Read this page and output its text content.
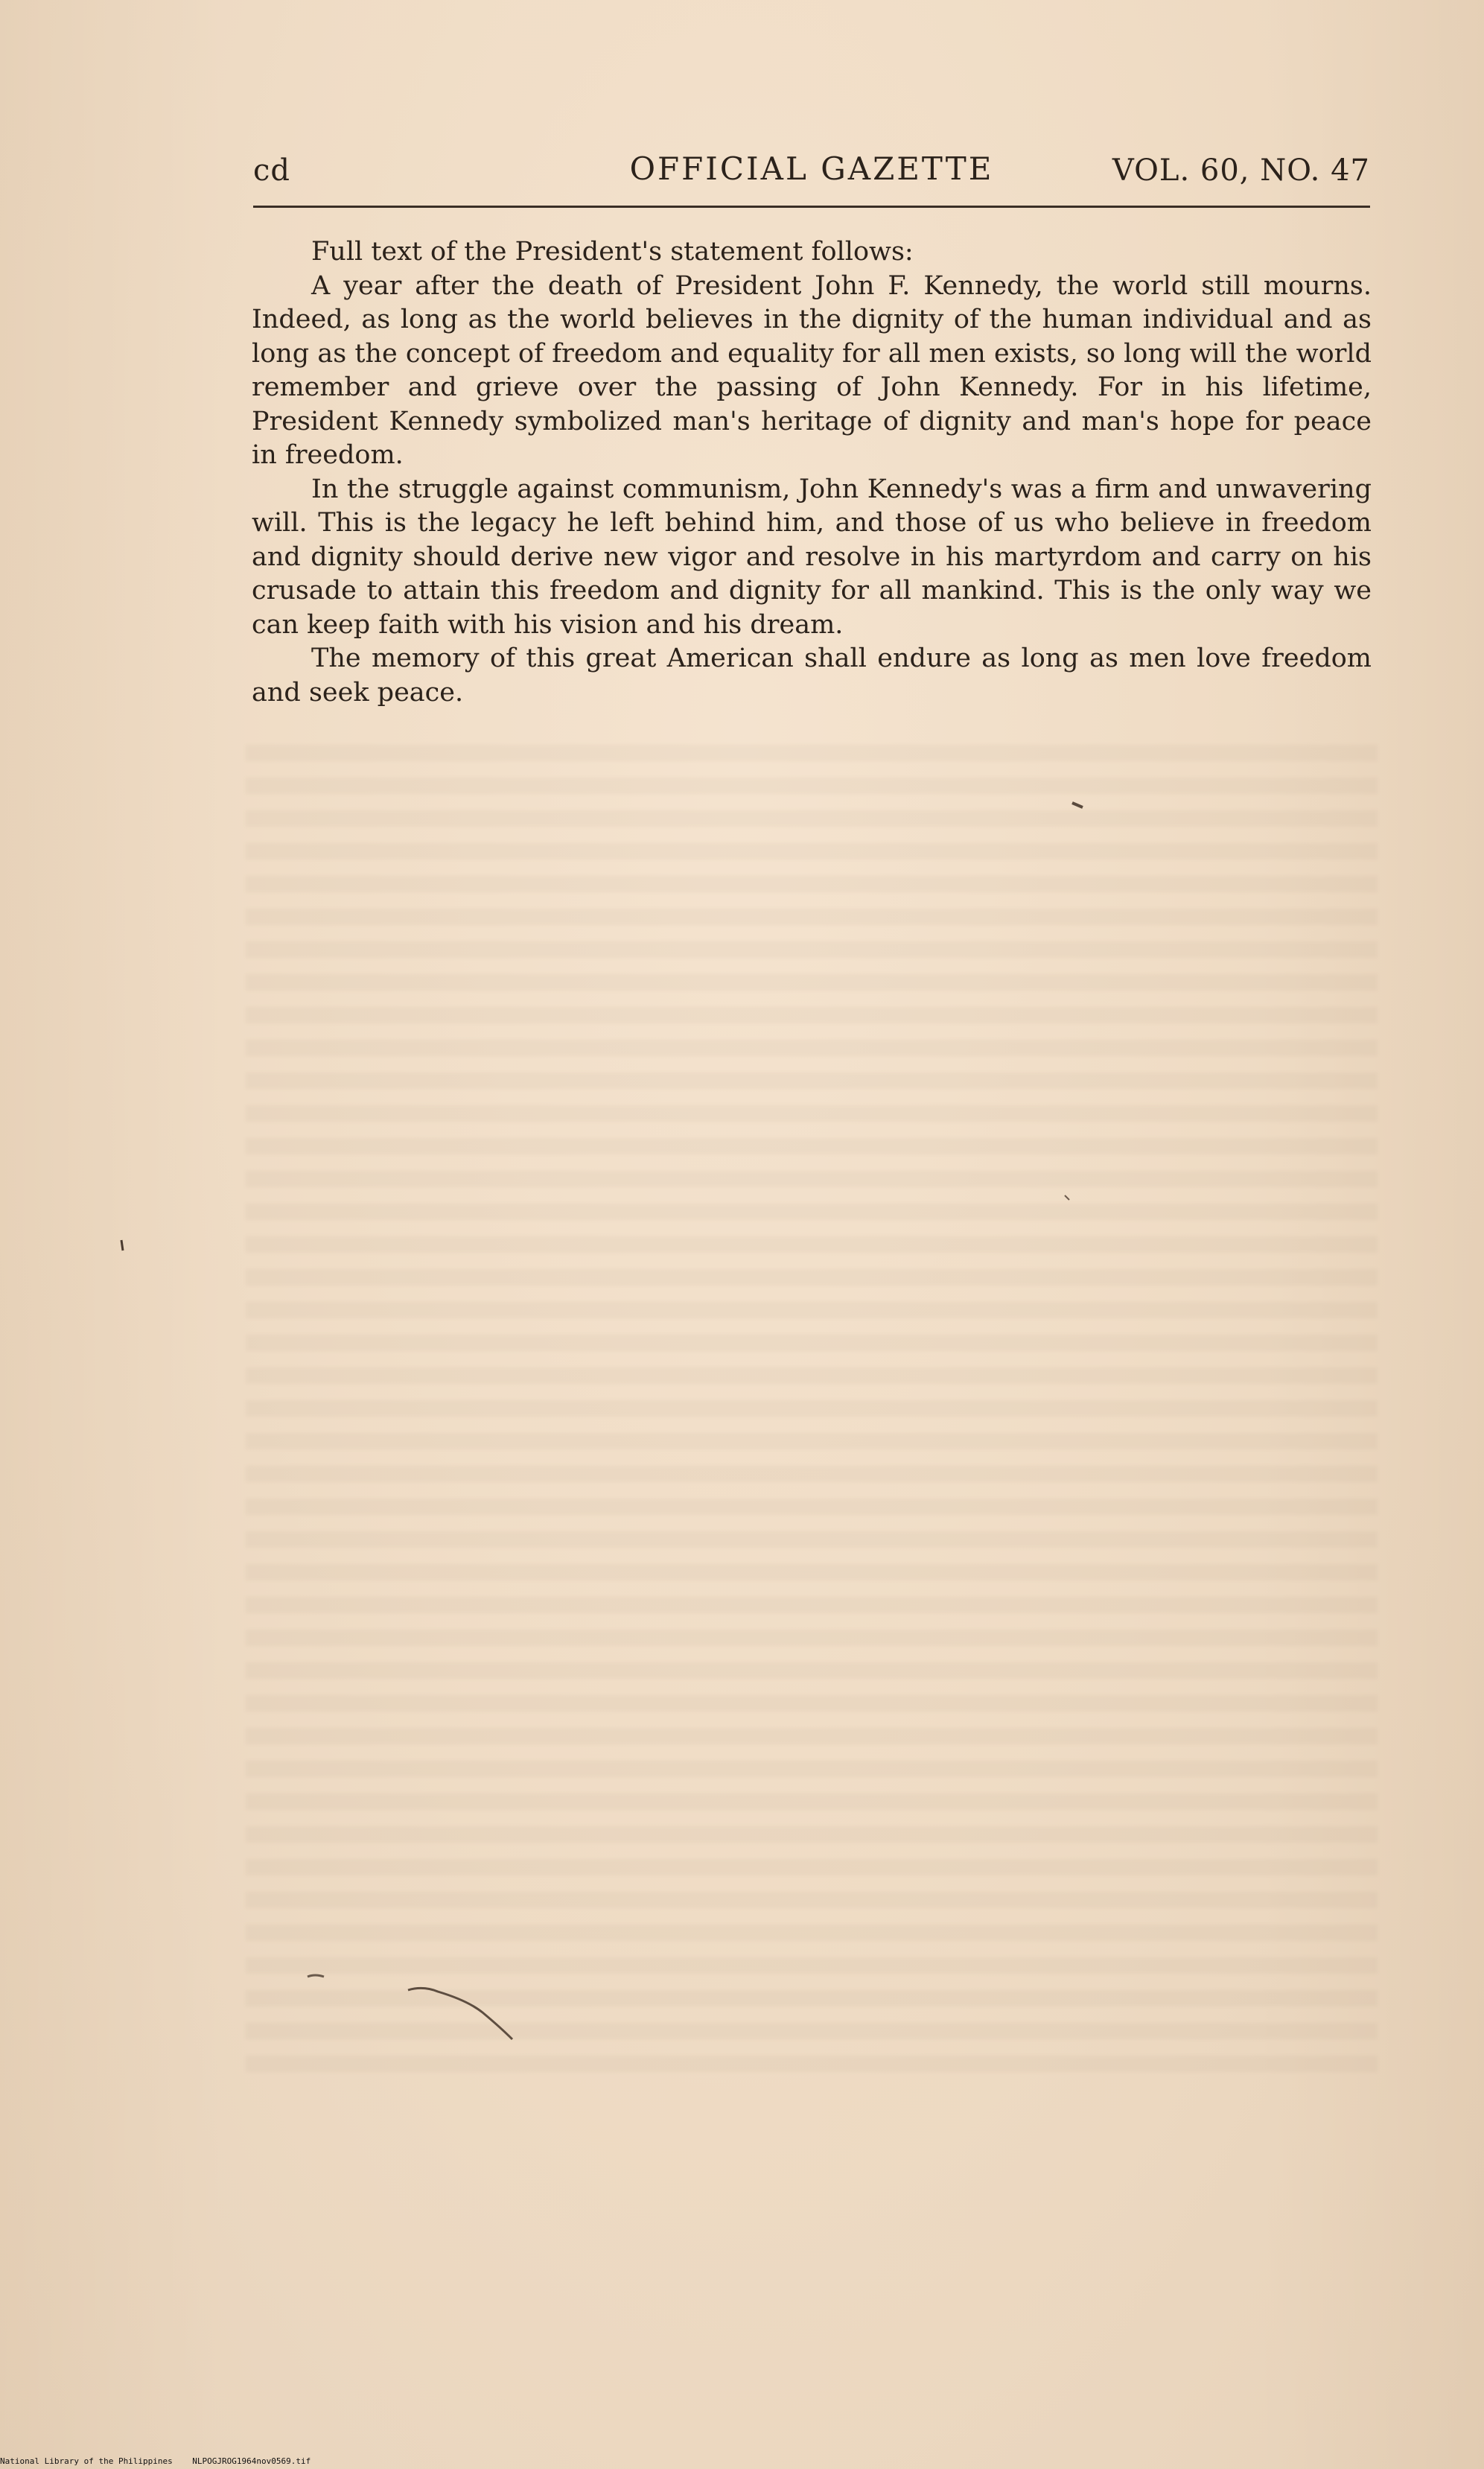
cd	OFFICIAL GAZETTE	VOL. 60, NO. 47

Full text of the President's statement follows:

A year after the death of President John F. Kennedy, the world still mourns. Indeed, as long as the world believes in the dignity of the human individual and as long as the concept of freedom and equality for all men exists, so long will the world remember and grieve over the passing of John Kennedy. For in his lifetime, President Kennedy symbolized man's heritage of dignity and man's hope for peace in freedom.

In the struggle against communism, John Kennedy's was a firm and unwavering will. This is the legacy he left behind him, and those of us who believe in freedom and dignity should derive new vigor and resolve in his martyrdom and carry on his crusade to attain this freedom and dignity for all mankind. This is the only way we can keep faith with his vision and his dream.

The memory of this great American shall endure as long as men love freedom and seek peace.

National Library of the Philippines NLPOGJROG1964nov0569.tif
